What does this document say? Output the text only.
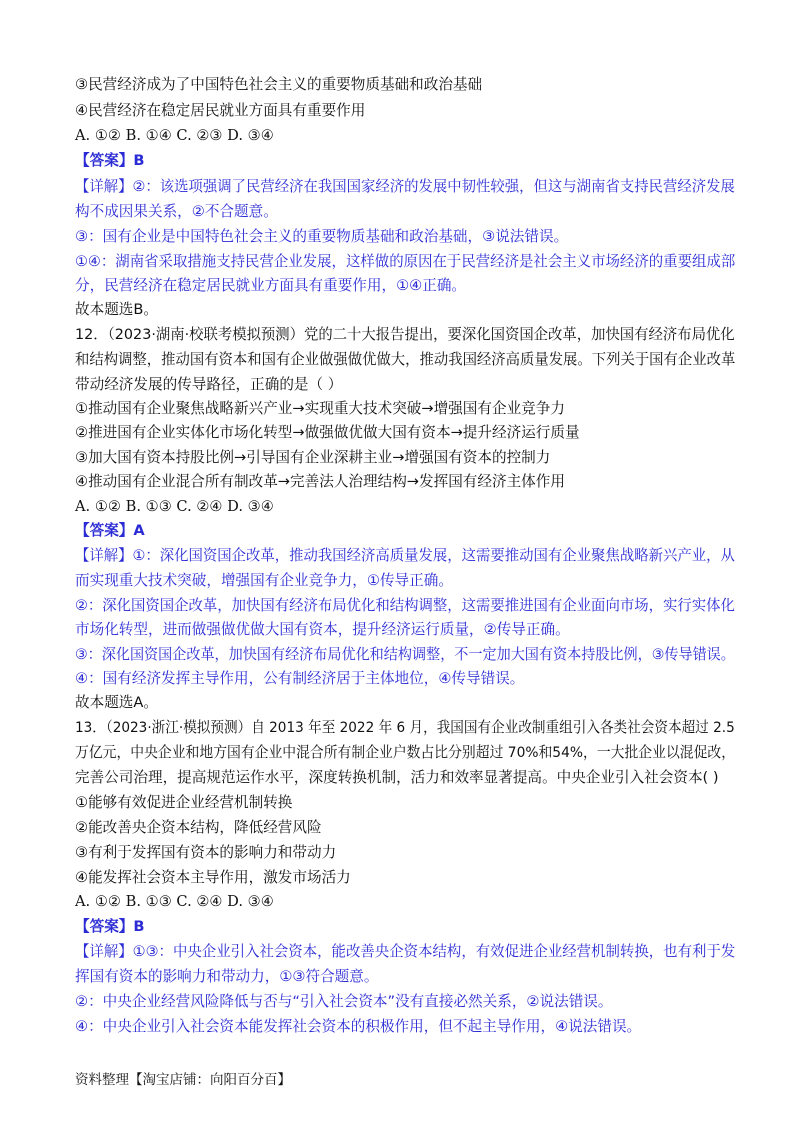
③民营经济成为了中国特色社会主义的重要物质基础和政治基础
④民营经济在稳定居民就业方面具有重要作用
A. ①② B. ①④ C. ②③ D. ③④
【答案】B
【详解】②：该选项强调了民营经济在我国国家经济的发展中韧性较强，但这与湖南省支持民营经济发展
构不成因果关系，②不合题意。
③：国有企业是中国特色社会主义的重要物质基础和政治基础，③说法错误。
①④：湖南省采取措施支持民营企业发展，这样做的原因在于民营经济是社会主义市场经济的重要组成部
分，民营经济在稳定居民就业方面具有重要作用，①④正确。
故本题选B。
12．（2023·湖南·校联考模拟预测）党的二十大报告提出，要深化国资国企改革，加快国有经济布局优化
和结构调整，推动国有资本和国有企业做强做优做大，推动我国经济高质量发展。下列关于国有企业改革
带动经济发展的传导路径，正确的是（ ）
①推动国有企业聚焦战略新兴产业→实现重大技术突破→增强国有企业竞争力
②推进国有企业实体化市场化转型→做强做优做大国有资本→提升经济运行质量
③加大国有资本持股比例→引导国有企业深耕主业→增强国有资本的控制力
④推动国有企业混合所有制改革→完善法人治理结构→发挥国有经济主体作用
A. ①② B. ①③ C. ②④ D. ③④
【答案】A
【详解】①：深化国资国企改革，推动我国经济高质量发展，这需要推动国有企业聚焦战略新兴产业，从
而实现重大技术突破，增强国有企业竞争力，①传导正确。
②：深化国资国企改革，加快国有经济布局优化和结构调整，这需要推进国有企业面向市场，实行实体化
市场化转型，进而做强做优做大国有资本，提升经济运行质量，②传导正确。
③：深化国资国企改革，加快国有经济布局优化和结构调整，不一定加大国有资本持股比例，③传导错误。
④：国有经济发挥主导作用，公有制经济居于主体地位，④传导错误。
故本题选A。
13．（2023·浙江·模拟预测）自 2013 年至 2022 年 6 月，我国国有企业改制重组引入各类社会资本超过 2.5
万亿元，中央企业和地方国有企业中混合所有制企业户数占比分别超过 70%和54%，一大批企业以混促改，
完善公司治理，提高规范运作水平，深度转换机制，活力和效率显著提高。中央企业引入社会资本( )
①能够有效促进企业经营机制转换
②能改善央企资本结构，降低经营风险
③有利于发挥国有资本的影响力和带动力
④能发挥社会资本主导作用，激发市场活力
A. ①② B. ①③ C. ②④ D. ③④
【答案】B
【详解】①③：中央企业引入社会资本，能改善央企资本结构，有效促进企业经营机制转换，也有利于发
挥国有资本的影响力和带动力，①③符合题意。
②：中央企业经营风险降低与否与“引入社会资本”没有直接必然关系，②说法错误。
④：中央企业引入社会资本能发挥社会资本的积极作用，但不起主导作用，④说法错误。
资料整理【淘宝店铺：向阳百分百】
